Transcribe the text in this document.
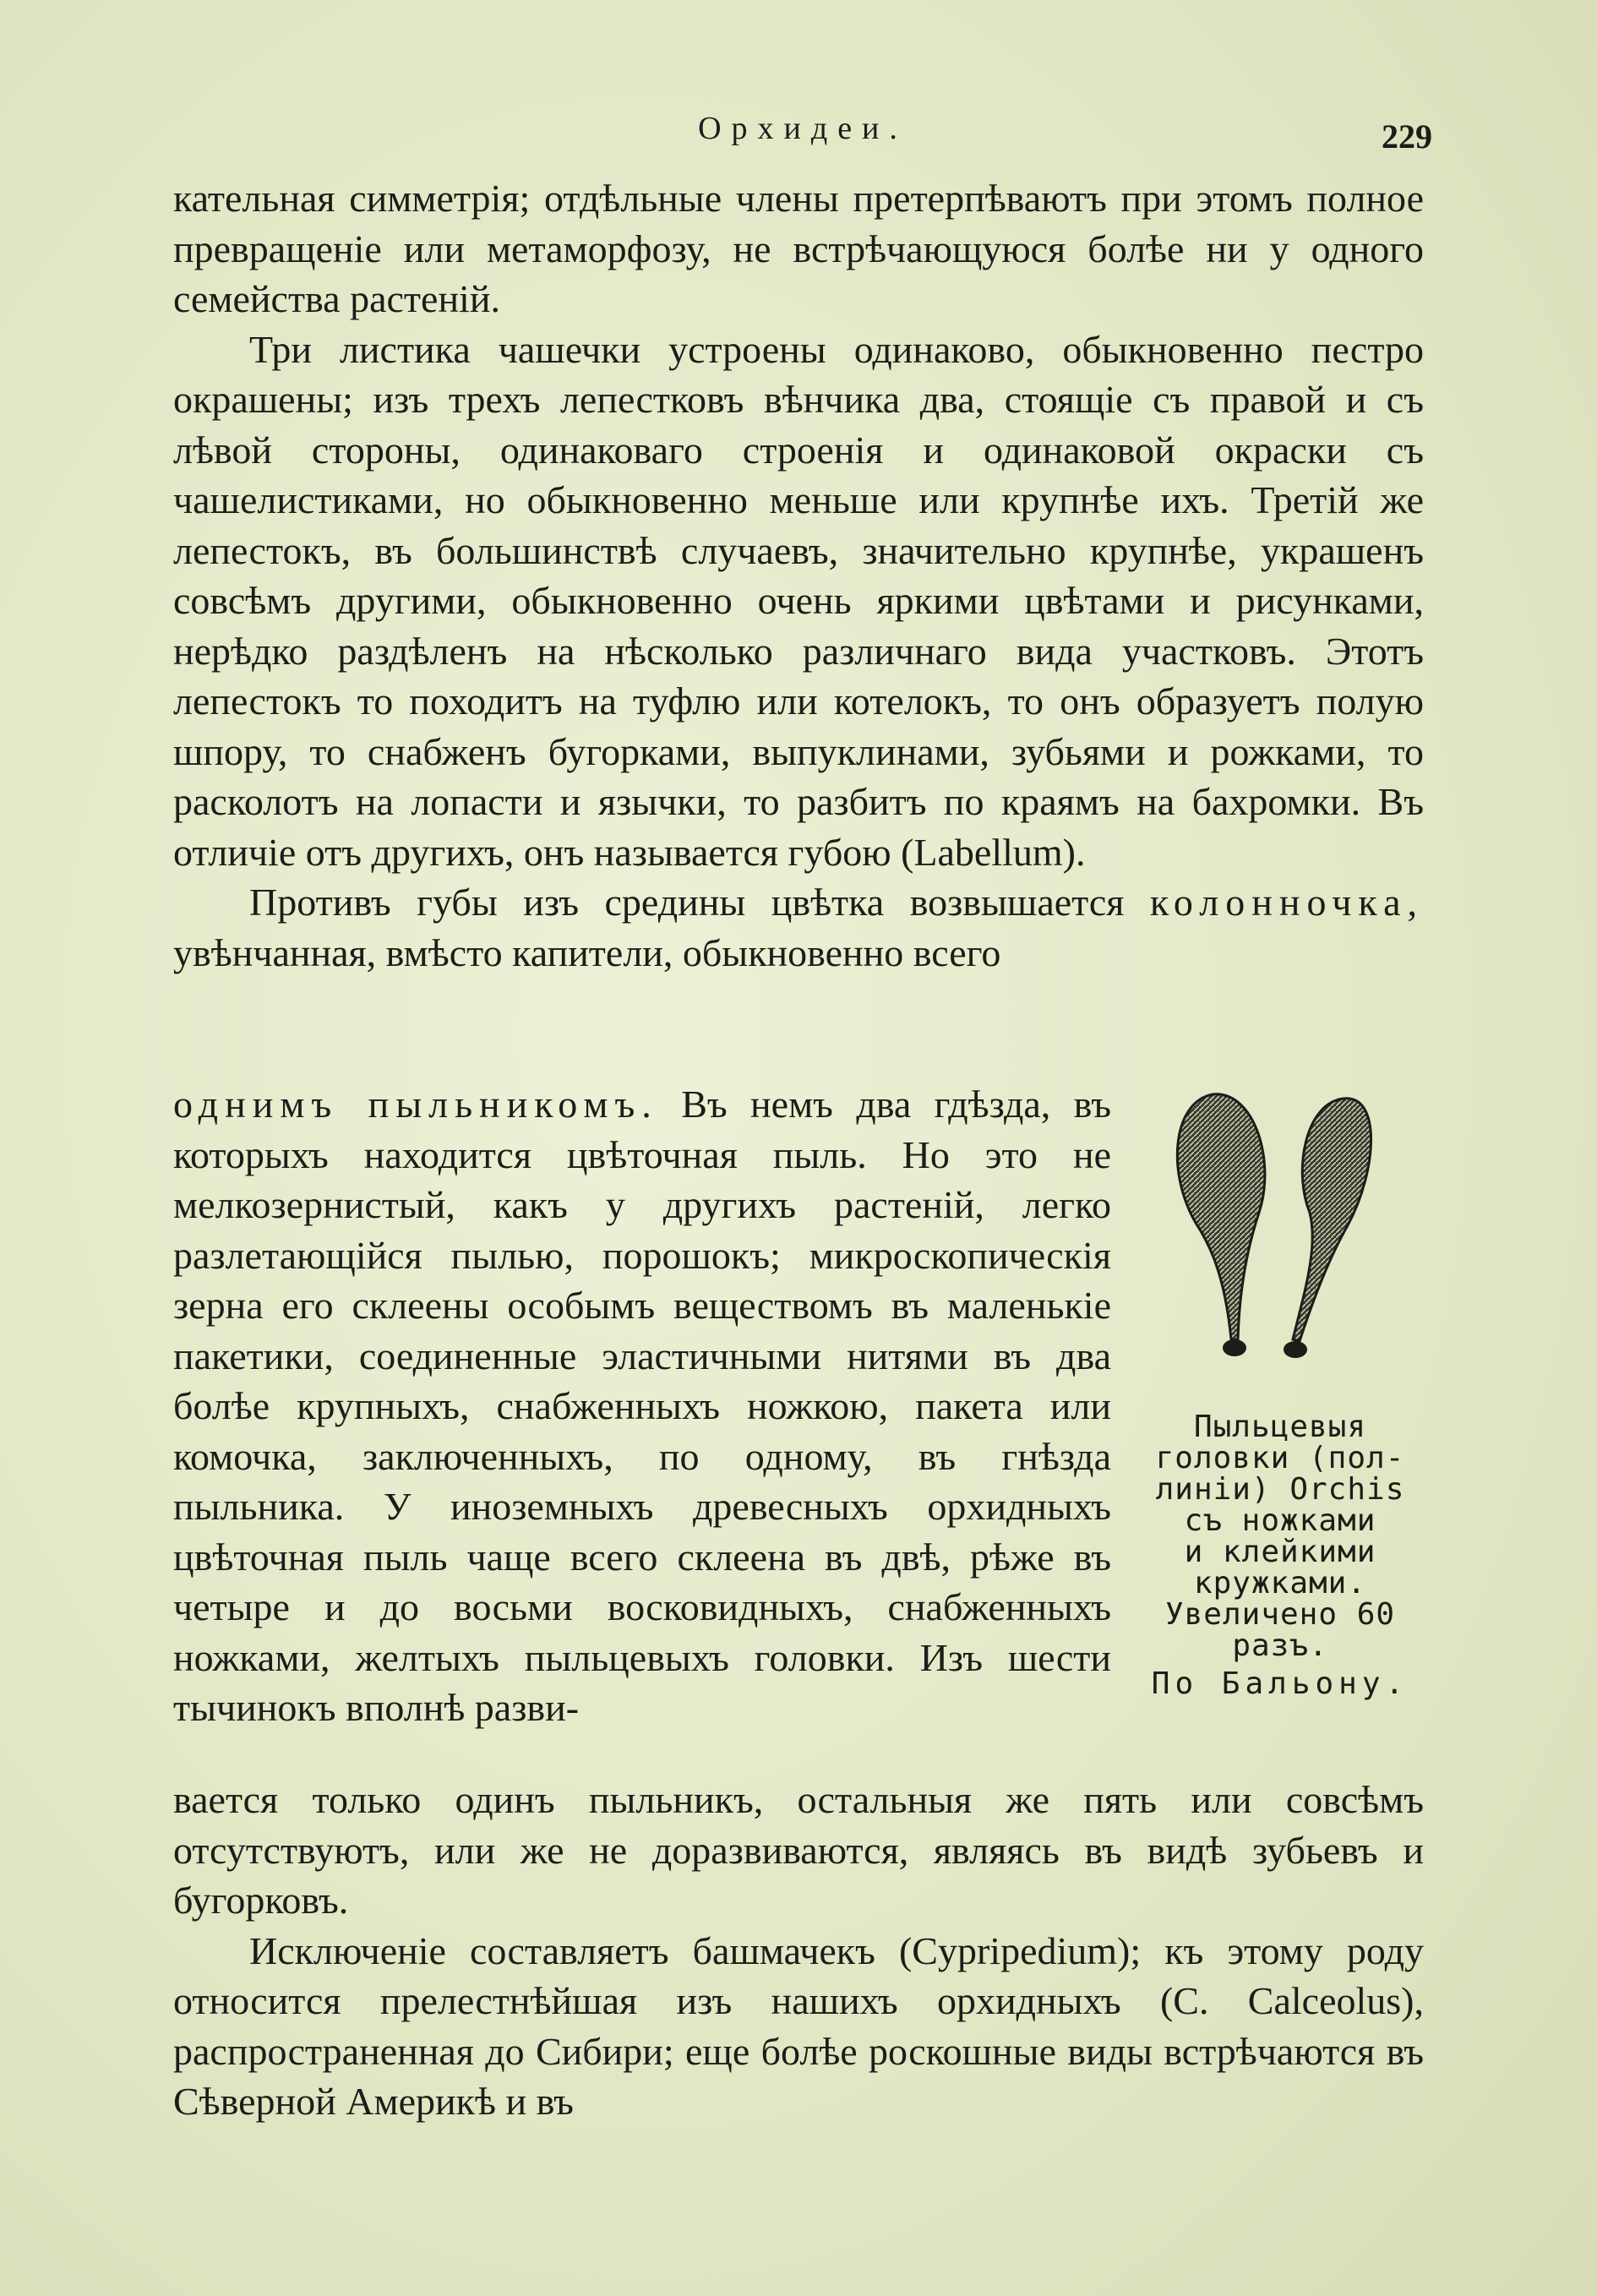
Орхидеи.	229

кательная симметрія; отдѣльные члены претерпѣваютъ при этомъ полное превращеніе или метаморфозу, не встрѣчающуюся болѣе ни у одного семейства растеній.

Три листика чашечки устроены одинаково, обыкновенно пестро окрашены; изъ трехъ лепестковъ вѣнчика два, стоящіе съ правой и съ лѣвой стороны, одинаковаго строенія и одинаковой окраски съ чашелистиками, но обыкновенно меньше или крупнѣе ихъ. Третій же лепестокъ, въ большинствѣ случаевъ, значительно крупнѣе, украшенъ совсѣмъ другими, обыкновенно очень яркими цвѣтами и рисунками, нерѣдко раздѣленъ на нѣсколько различнаго вида участковъ. Этотъ лепестокъ то походитъ на туфлю или котелокъ, то онъ образуетъ полую шпору, то снабженъ бугорками, выпуклинами, зубьями и рожками, то расколотъ на лопасти и язычки, то разбитъ по краямъ на бахромки. Въ отличіе отъ другихъ, онъ называется губою (Labellum).

Противъ губы изъ средины цвѣтка возвышается колонночка, увѣнчанная, вмѣсто капители, обыкновенно всего

однимъ пыльникомъ. Въ немъ два гдѣзда, въ которыхъ находится цвѣточная пыль. Но это не мелкозернистый, какъ у другихъ растеній, легко разлетающійся пылью, порошокъ; микроскопическія зерна его склеены особымъ веществомъ въ маленькіе пакетики, соединенные эластичными нитями въ два болѣе крупныхъ, снабженныхъ ножкою, пакета или комочка, заключенныхъ, по одному, въ гнѣзда пыльника. У иноземныхъ древесныхъ орхидныхъ цвѣточная пыль чаще всего склеена въ двѣ, рѣже въ четыре и до восьми восковидныхъ, снабженныхъ ножками, желтыхъ пыльцевыхъ головки. Изъ шести тычинокъ вполнѣ разви-

Пыльцевыя
головки (пол-
линіи) Orchis
съ ножками
и клейкими
кружками.
Увеличено 60
разъ.
По Бальону.

вается только одинъ пыльникъ, остальныя же пять или совсѣмъ отсутствуютъ, или же не доразвиваются, являясь въ видѣ зубьевъ и бугорковъ.

Исключеніе составляетъ башмачекъ (Cypripedium); къ этому роду относится прелестнѣйшая изъ нашихъ орхидныхъ (C. Calceolus), распространенная до Сибири; еще болѣе роскошные виды встрѣчаются въ Сѣверной Америкѣ и въ
